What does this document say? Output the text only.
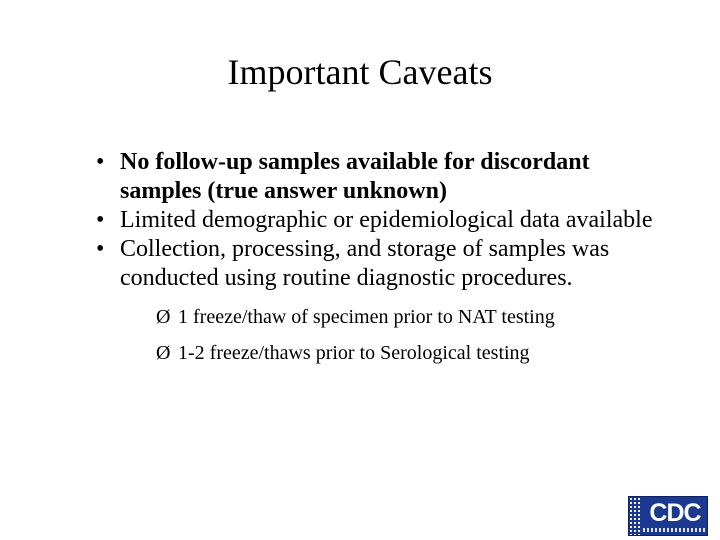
Important Caveats
• No follow-up samples available for discordant samples (true answer unknown)
• Limited demographic or epidemiological data available
• Collection, processing, and storage of samples was conducted using routine diagnostic procedures.
Ø 1 freeze/thaw of specimen prior to NAT testing
Ø 1-2 freeze/thaws prior to Serological testing
CDC
